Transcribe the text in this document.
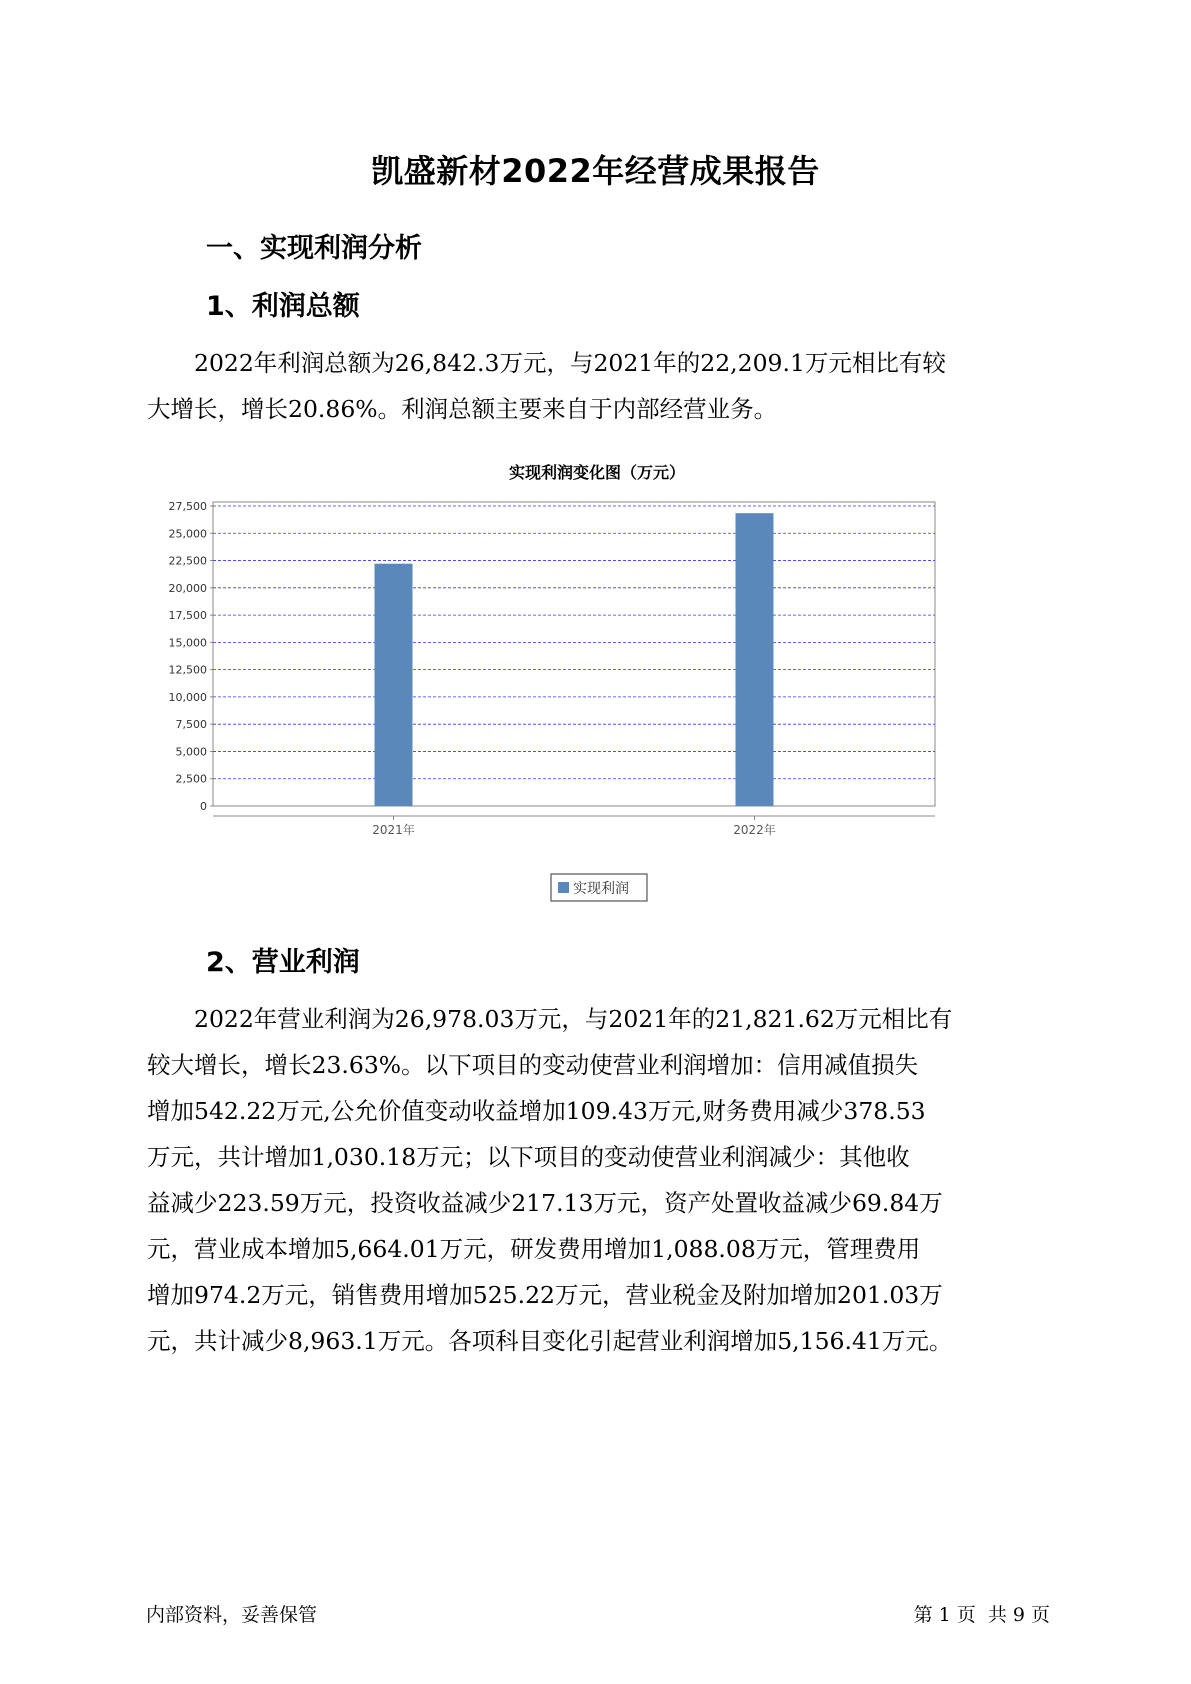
凯盛新材2022年经营成果报告
一、实现利润分析
1、利润总额
　　2022年利润总额为26,842.3万元，与2021年的22,209.1万元相比有较
大增长，增长20.86%。利润总额主要来自于内部经营业务。
实现利润变化图（万元）
0
2,500
5,000
7,500
10,000
12,500
15,000
17,500
20,000
22,500
25,000
27,500
2021年	2022年
实现利润
2、营业利润
　　2022年营业利润为26,978.03万元，与2021年的21,821.62万元相比有
较大增长，增长23.63%。以下项目的变动使营业利润增加：信用减值损失
增加542.22万元,公允价值变动收益增加109.43万元,财务费用减少378.53
万元，共计增加1,030.18万元；以下项目的变动使营业利润减少：其他收
益减少223.59万元，投资收益减少217.13万元，资产处置收益减少69.84万
元，营业成本增加5,664.01万元，研发费用增加1,088.08万元，管理费用
增加974.2万元，销售费用增加525.22万元，营业税金及附加增加201.03万
元，共计减少8,963.1万元。各项科目变化引起营业利润增加5,156.41万元。
内部资料，妥善保管	第 1 页  共 9 页
